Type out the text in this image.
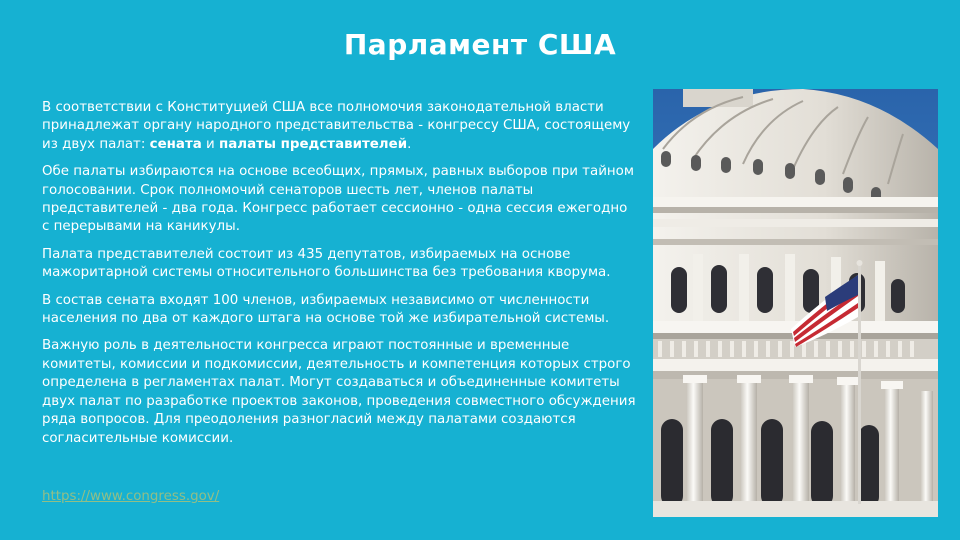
Парламент США

В соответствии с Конституцией США все полномочия законодательной власти принадлежат органу народного представительства - конгрессу США, состоящему из двух палат: сената и палаты представителей.

Обе палаты избираются на основе всеобщих, прямых, равных выборов при тайном голосовании. Срок полномочий сенаторов шесть лет, членов палаты представителей - два года. Конгресс работает сессионно - одна сессия ежегодно с перерывами на каникулы.

Палата представителей состоит из 435 депутатов, избираемых на основе мажоритарной системы относительного большинства без требования кворума.

В состав сената входят 100 членов, избираемых независимо от численности населения по два от каждого штага на основе той же избирательной системы.

Важную роль в деятельности конгресса играют постоянные и временные комитеты, комиссии и подкомиссии, деятельность и компетенция которых строго определена в регламентах палат. Могут создаваться и объединенные комитеты двух палат по разработке проектов законов, проведения совместного обсуждения ряда вопросов. Для преодоления разногласий между палатами создаются согласительные комиссии.

https://www.congress.gov/
